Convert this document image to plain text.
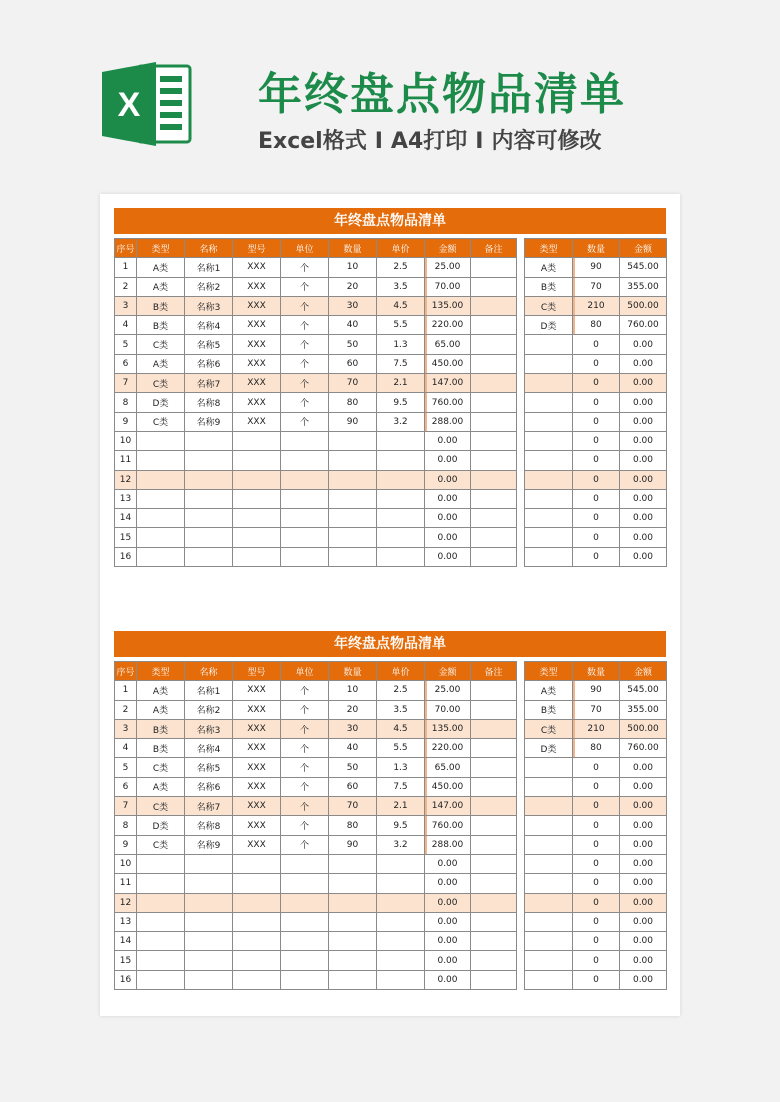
X	年终盘点物品清单
Excel格式 I A4打印 I 内容可修改
年终盘点物品清单
序号	类型	名称	型号	单位	数量	单价	金额	备注
1	A类	名称1	XXX	个	10	2.5	25.00	
2	A类	名称2	XXX	个	20	3.5	70.00	
3	B类	名称3	XXX	个	30	4.5	135.00	
4	B类	名称4	XXX	个	40	5.5	220.00	
5	C类	名称5	XXX	个	50	1.3	65.00	
6	A类	名称6	XXX	个	60	7.5	450.00	
7	C类	名称7	XXX	个	70	2.1	147.00	
8	D类	名称8	XXX	个	80	9.5	760.00	
9	C类	名称9	XXX	个	90	3.2	288.00	
10							0.00	
11							0.00	
12							0.00	
13							0.00	
14							0.00	
15							0.00	
16							0.00	
类型	数量	金额
A类	90	545.00
B类	70	355.00
C类	210	500.00
D类	80	760.00
	0	0.00
	0	0.00
	0	0.00
	0	0.00
	0	0.00
	0	0.00
	0	0.00
	0	0.00
	0	0.00
	0	0.00
	0	0.00
	0	0.00
年终盘点物品清单
序号	类型	名称	型号	单位	数量	单价	金额	备注
1	A类	名称1	XXX	个	10	2.5	25.00	
2	A类	名称2	XXX	个	20	3.5	70.00	
3	B类	名称3	XXX	个	30	4.5	135.00	
4	B类	名称4	XXX	个	40	5.5	220.00	
5	C类	名称5	XXX	个	50	1.3	65.00	
6	A类	名称6	XXX	个	60	7.5	450.00	
7	C类	名称7	XXX	个	70	2.1	147.00	
8	D类	名称8	XXX	个	80	9.5	760.00	
9	C类	名称9	XXX	个	90	3.2	288.00	
10							0.00	
11							0.00	
12							0.00	
13							0.00	
14							0.00	
15							0.00	
16							0.00	
类型	数量	金额
A类	90	545.00
B类	70	355.00
C类	210	500.00
D类	80	760.00
	0	0.00
	0	0.00
	0	0.00
	0	0.00
	0	0.00
	0	0.00
	0	0.00
	0	0.00
	0	0.00
	0	0.00
	0	0.00
	0	0.00
